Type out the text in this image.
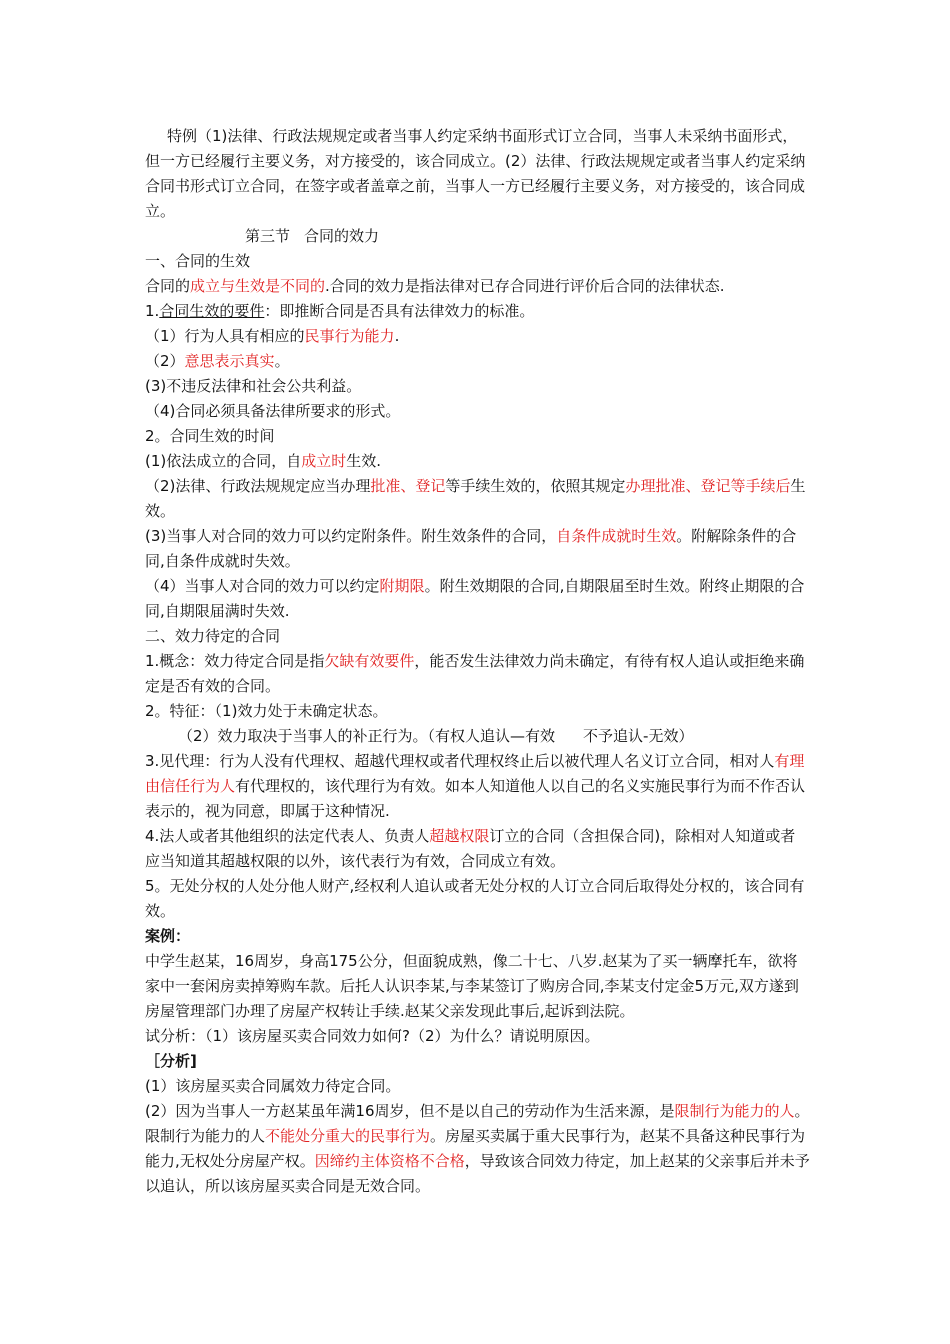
特例（1)法律、行政法规规定或者当事人约定采纳书面形式订立合同，当事人未采纳书面形式，但一方已经履行主要义务，对方接受的，该合同成立。(2）法律、行政法规规定或者当事人约定采纳合同书形式订立合同，在签字或者盖章之前，当事人一方已经履行主要义务，对方接受的，该合同成立。

第三节 合同的效力

一、合同的生效

合同的成立与生效是不同的.合同的效力是指法律对已存合同进行评价后合同的法律状态.

1.合同生效的要件：即推断合同是否具有法律效力的标准。

（1）行为人具有相应的民事行为能力.

（2）意思表示真实。

(3)不违反法律和社会公共利益。

（4)合同必须具备法律所要求的形式。

2。合同生效的时间

(1)依法成立的合同，自成立时生效.

（2)法律、行政法规规定应当办理批准、登记等手续生效的，依照其规定办理批准、登记等手续后生效。

(3)当事人对合同的效力可以约定附条件。附生效条件的合同，自条件成就时生效。附解除条件的合同,自条件成就时失效。

（4）当事人对合同的效力可以约定附期限。附生效期限的合同,自期限届至时生效。附终止期限的合同,自期限届满时失效.

二、效力待定的合同

1.概念：效力待定合同是指欠缺有效要件，能否发生法律效力尚未确定，有待有权人追认或拒绝来确定是否有效的合同。

2。特征：（1)效力处于未确定状态。

（2）效力取决于当事人的补正行为。（有权人追认—有效 不予追认-无效）

3.见代理：行为人没有代理权、超越代理权或者代理权终止后以被代理人名义订立合同，相对人有理由信任行为人有代理权的，该代理行为有效。如本人知道他人以自己的名义实施民事行为而不作否认表示的，视为同意，即属于这种情况.

4.法人或者其他组织的法定代表人、负责人超越权限订立的合同（含担保合同)，除相对人知道或者应当知道其超越权限的以外，该代表行为有效，合同成立有效。

5。无处分权的人处分他人财产,经权利人追认或者无处分权的人订立合同后取得处分权的，该合同有效。

案例：

中学生赵某，16周岁，身高175公分，但面貌成熟，像二十七、八岁.赵某为了买一辆摩托车，欲将家中一套闲房卖掉筹购车款。后托人认识李某,与李某签订了购房合同,李某支付定金5万元,双方遂到房屋管理部门办理了房屋产权转让手续.赵某父亲发现此事后,起诉到法院。

试分析：（1）该房屋买卖合同效力如何?（2）为什么？请说明原因。

［分析]

(1）该房屋买卖合同属效力待定合同。

(2）因为当事人一方赵某虽年满16周岁，但不是以自己的劳动作为生活来源，是限制行为能力的人。限制行为能力的人不能处分重大的民事行为。房屋买卖属于重大民事行为，赵某不具备这种民事行为能力,无权处分房屋产权。因缔约主体资格不合格，导致该合同效力待定，加上赵某的父亲事后并未予以追认，所以该房屋买卖合同是无效合同。
